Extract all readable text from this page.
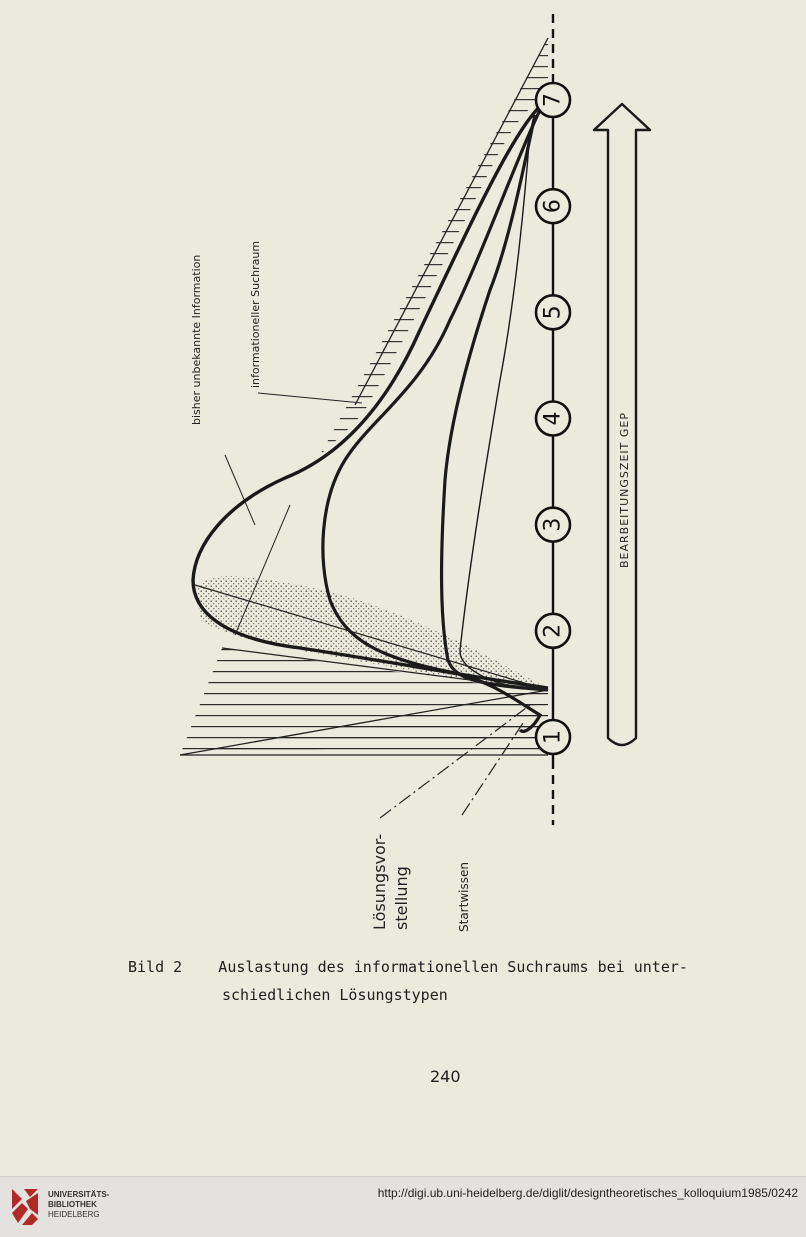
1
2
3
4
5
6
7
bisher unbekannte Information	informationeller Suchraum
BEARBEITUNGSZEIT GEP
Lösungsvor- stellung	Startwissen
Bild 2    Auslastung des informationellen Suchraums bei unter-
schiedlichen Lösungstypen
240
UNIVERSITÄTS-
BIBLIOTHEK
HEIDELBERG
http://digi.ub.uni-heidelberg.de/diglit/designtheoretisches_kolloquium1985/0242
